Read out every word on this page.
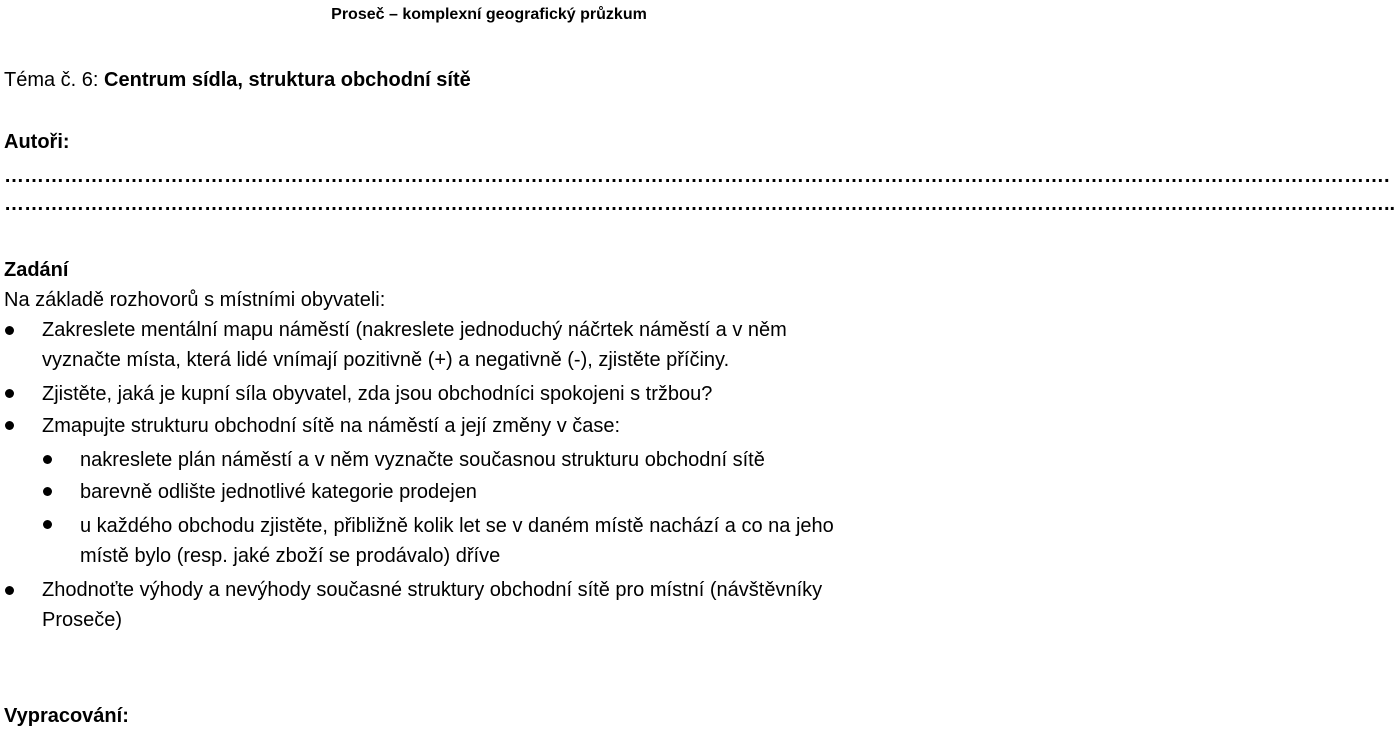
Proseč – komplexní geografický průzkum
Téma č. 6: Centrum sídla, struktura obchodní sítě
Autoři:
……………………………………………………………………………………………………………………………………………………………………………………….
………………………………………………………………………………………………………………………………………………………………………………………..
Zadání
Na základě rozhovorů s místními obyvateli:
Zakreslete mentální mapu náměstí (nakreslete jednoduchý náčrtek náměstí a v něm
vyznačte místa, která lidé vnímají pozitivně (+) a negativně (-), zjistěte příčiny.
Zjistěte, jaká je kupní síla obyvatel, zda jsou obchodníci spokojeni s tržbou?
Zmapujte strukturu obchodní sítě na náměstí a její změny v čase:
nakreslete plán náměstí a v něm vyznačte současnou strukturu obchodní sítě
barevně odlište jednotlivé kategorie prodejen
u každého obchodu zjistěte, přibližně kolik let se v daném místě nachází a co na jeho
místě bylo (resp. jaké zboží se prodávalo) dříve
Zhodnoťte výhody a nevýhody současné struktury obchodní sítě pro místní (návštěvníky
Proseče)
Vypracování:
